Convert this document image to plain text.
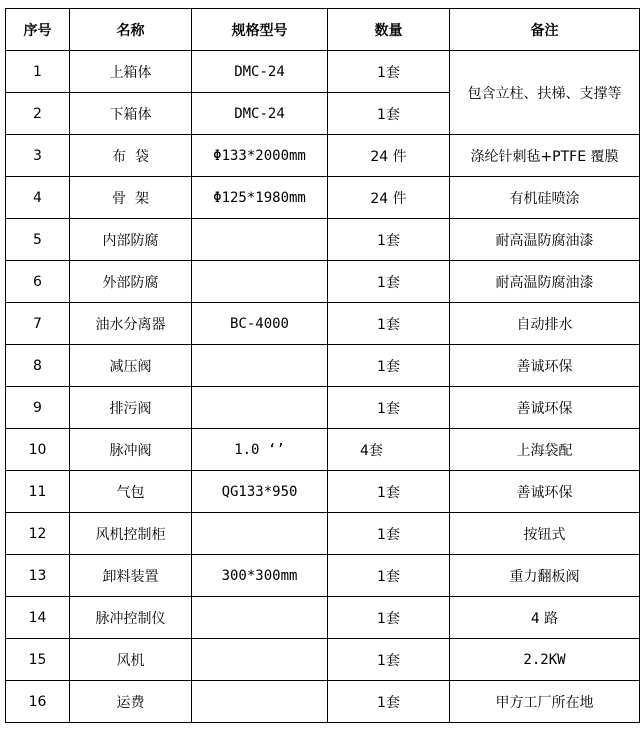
序号	名称	规格型号	数量	备注
1	上箱体	DMC-24	1套	包含立柱、扶梯、支撑等
2	下箱体	DMC-24	1套	
3	布  袋	Φ133*2000mm	24 件	涤纶针刺毡+PTFE 覆膜
4	骨  架	Φ125*1980mm	24 件	有机硅喷涂
5	内部防腐		1套	耐高温防腐油漆
6	外部防腐		1套	耐高温防腐油漆
7	油水分离器	BC-4000	1套	自动排水
8	减压阀		1套	善诚环保
9	排污阀		1套	善诚环保
10	脉冲阀	1.0 ‘’	4套	上海袋配
11	气包	QG133*950	1套	善诚环保
12	风机控制柜		1套	按钮式
13	卸料装置	300*300mm	1套	重力翻板阀
14	脉冲控制仪		1套	4 路
15	风机		1套	2.2KW
16	运费		1套	甲方工厂所在地
